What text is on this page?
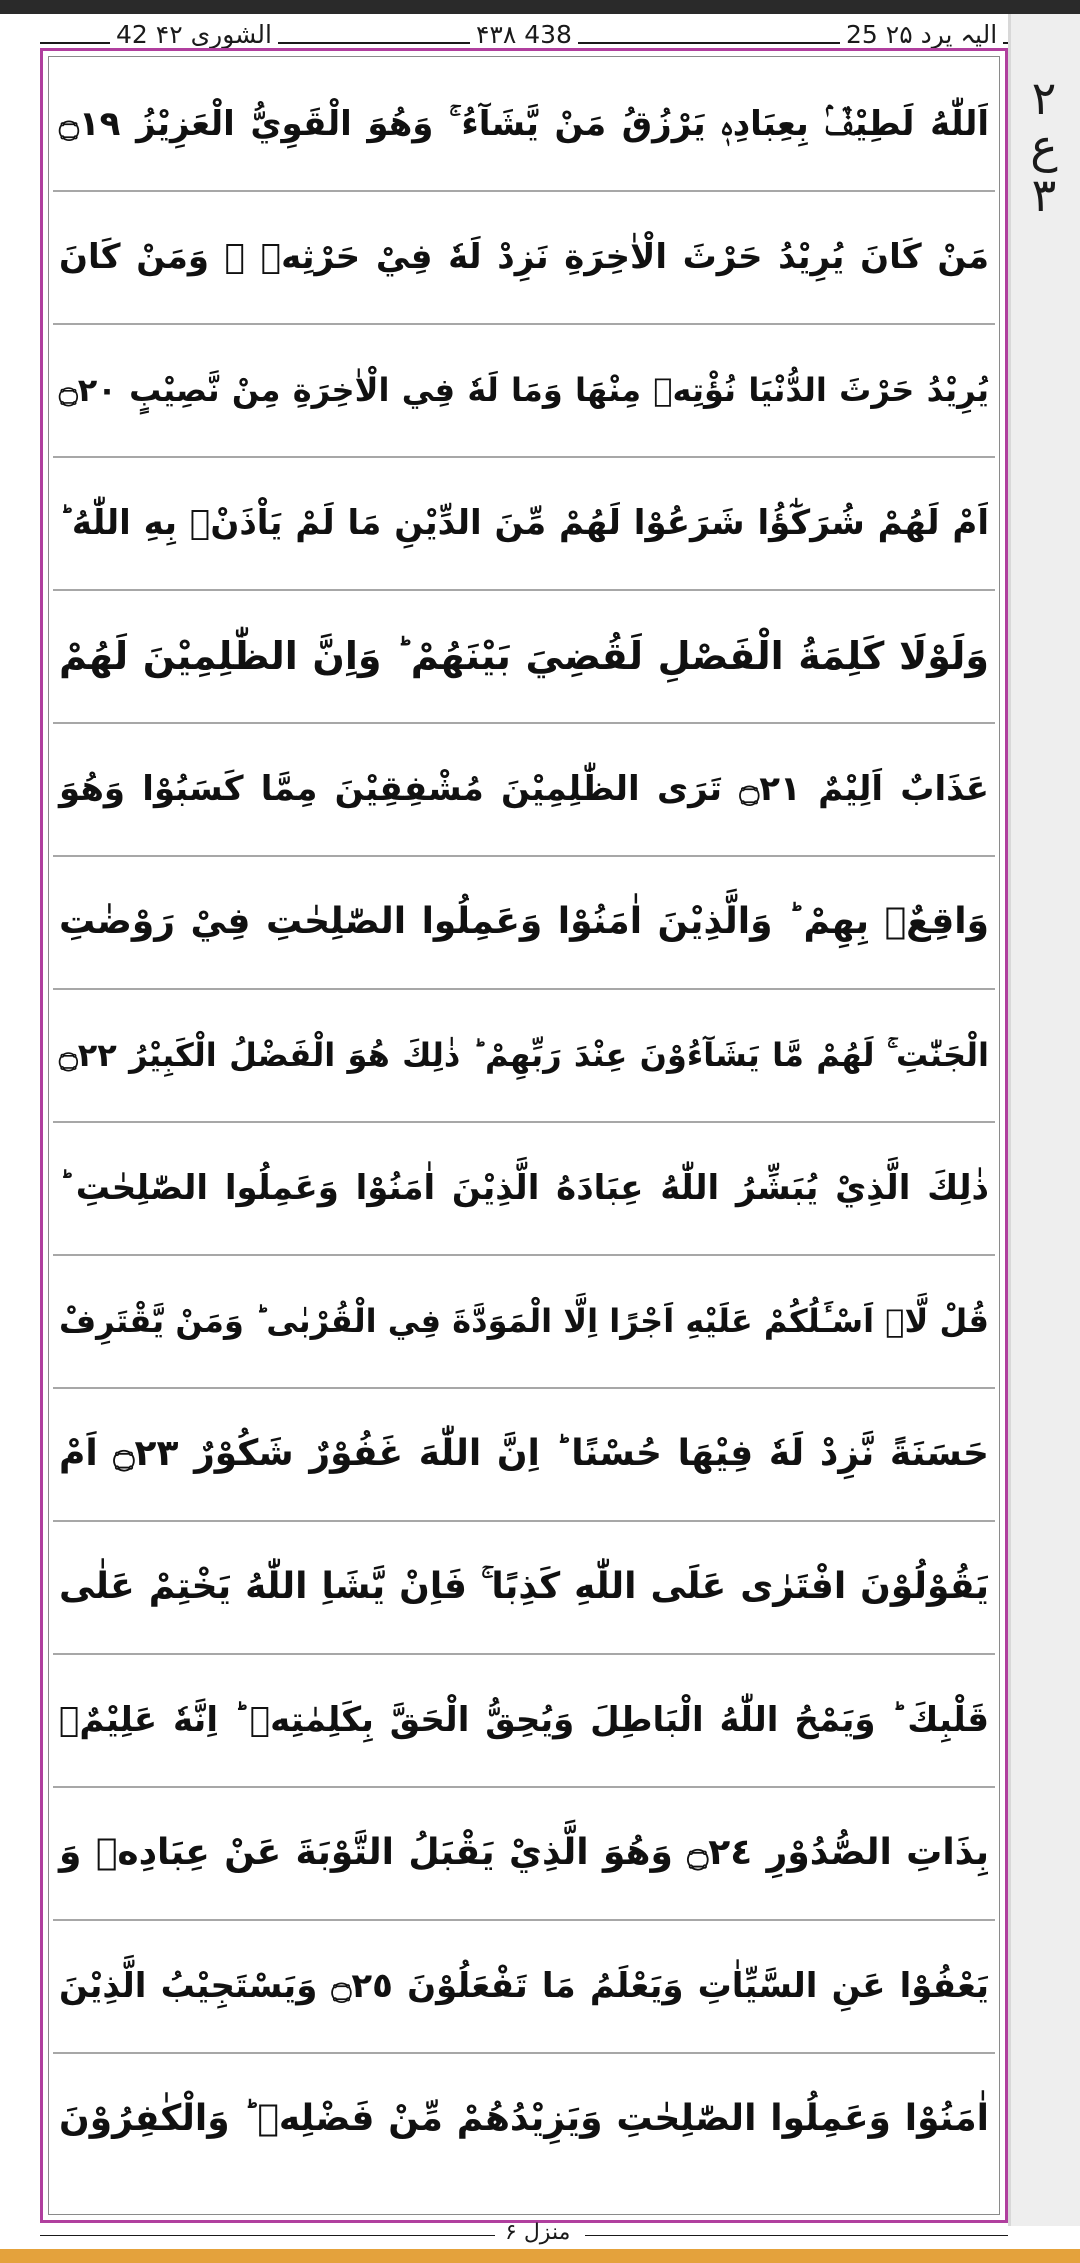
۲ ع ۳
42 الشوری ۴۲	۴۳۸ 438	25 الیہ یرد ۲۵
اَللّٰهُ لَطِيْفٌۢ بِعِبَادِهٖ يَرْزُقُ مَنْ يَّشَآءُ ۚ وَهُوَ الْقَوِيُّ الْعَزِيْزُ ۝١٩
مَنْ كَانَ يُرِيْدُ حَرْثَ الْاٰخِرَةِ نَزِدْ لَهٗ فِيْ حَرْثِهٖ ۚ وَمَنْ كَانَ
يُرِيْدُ حَرْثَ الدُّنْيَا نُؤْتِهٖ مِنْهَا وَمَا لَهٗ فِي الْاٰخِرَةِ مِنْ نَّصِيْبٍ ۝٢٠
اَمْ لَهُمْ شُرَكٰٓؤُا شَرَعُوْا لَهُمْ مِّنَ الدِّيْنِ مَا لَمْ يَاْذَنْۢ بِهِ اللّٰهُ ؕ
وَلَوْلَا كَلِمَةُ الْفَصْلِ لَقُضِيَ بَيْنَهُمْ ؕ وَاِنَّ الظّٰلِمِيْنَ لَهُمْ
عَذَابٌ اَلِيْمٌ ۝٢١ تَرَى الظّٰلِمِيْنَ مُشْفِقِيْنَ مِمَّا كَسَبُوْا وَهُوَ
وَاقِعٌۢ بِهِمْ ؕ وَالَّذِيْنَ اٰمَنُوْا وَعَمِلُوا الصّٰلِحٰتِ فِيْ رَوْضٰتِ
الْجَنّٰتِ ۚ لَهُمْ مَّا يَشَآءُوْنَ عِنْدَ رَبِّهِمْ ؕ ذٰلِكَ هُوَ الْفَضْلُ الْكَبِيْرُ ۝٢٢
ذٰلِكَ الَّذِيْ يُبَشِّرُ اللّٰهُ عِبَادَهُ الَّذِيْنَ اٰمَنُوْا وَعَمِلُوا الصّٰلِحٰتِ ؕ
قُلْ لَّاۤ اَسْـَٔلُكُمْ عَلَيْهِ اَجْرًا اِلَّا الْمَوَدَّةَ فِي الْقُرْبٰى ؕ وَمَنْ يَّقْتَرِفْ
حَسَنَةً نَّزِدْ لَهٗ فِيْهَا حُسْنًا ؕ اِنَّ اللّٰهَ غَفُوْرٌ شَكُوْرٌ ۝٢٣ اَمْ
يَقُوْلُوْنَ افْتَرٰى عَلَى اللّٰهِ كَذِبًا ۚ فَاِنْ يَّشَاِ اللّٰهُ يَخْتِمْ عَلٰى
قَلْبِكَ ؕ وَيَمْحُ اللّٰهُ الْبَاطِلَ وَيُحِقُّ الْحَقَّ بِكَلِمٰتِهٖ ؕ اِنَّهٗ عَلِيْمٌۢ
بِذَاتِ الصُّدُوْرِ ۝٢٤ وَهُوَ الَّذِيْ يَقْبَلُ التَّوْبَةَ عَنْ عِبَادِهٖ وَ
يَعْفُوْا عَنِ السَّيِّاٰتِ وَيَعْلَمُ مَا تَفْعَلُوْنَ ۝٢٥ وَيَسْتَجِيْبُ الَّذِيْنَ
اٰمَنُوْا وَعَمِلُوا الصّٰلِحٰتِ وَيَزِيْدُهُمْ مِّنْ فَضْلِهٖ ؕ وَالْكٰفِرُوْنَ
منزل ۶
